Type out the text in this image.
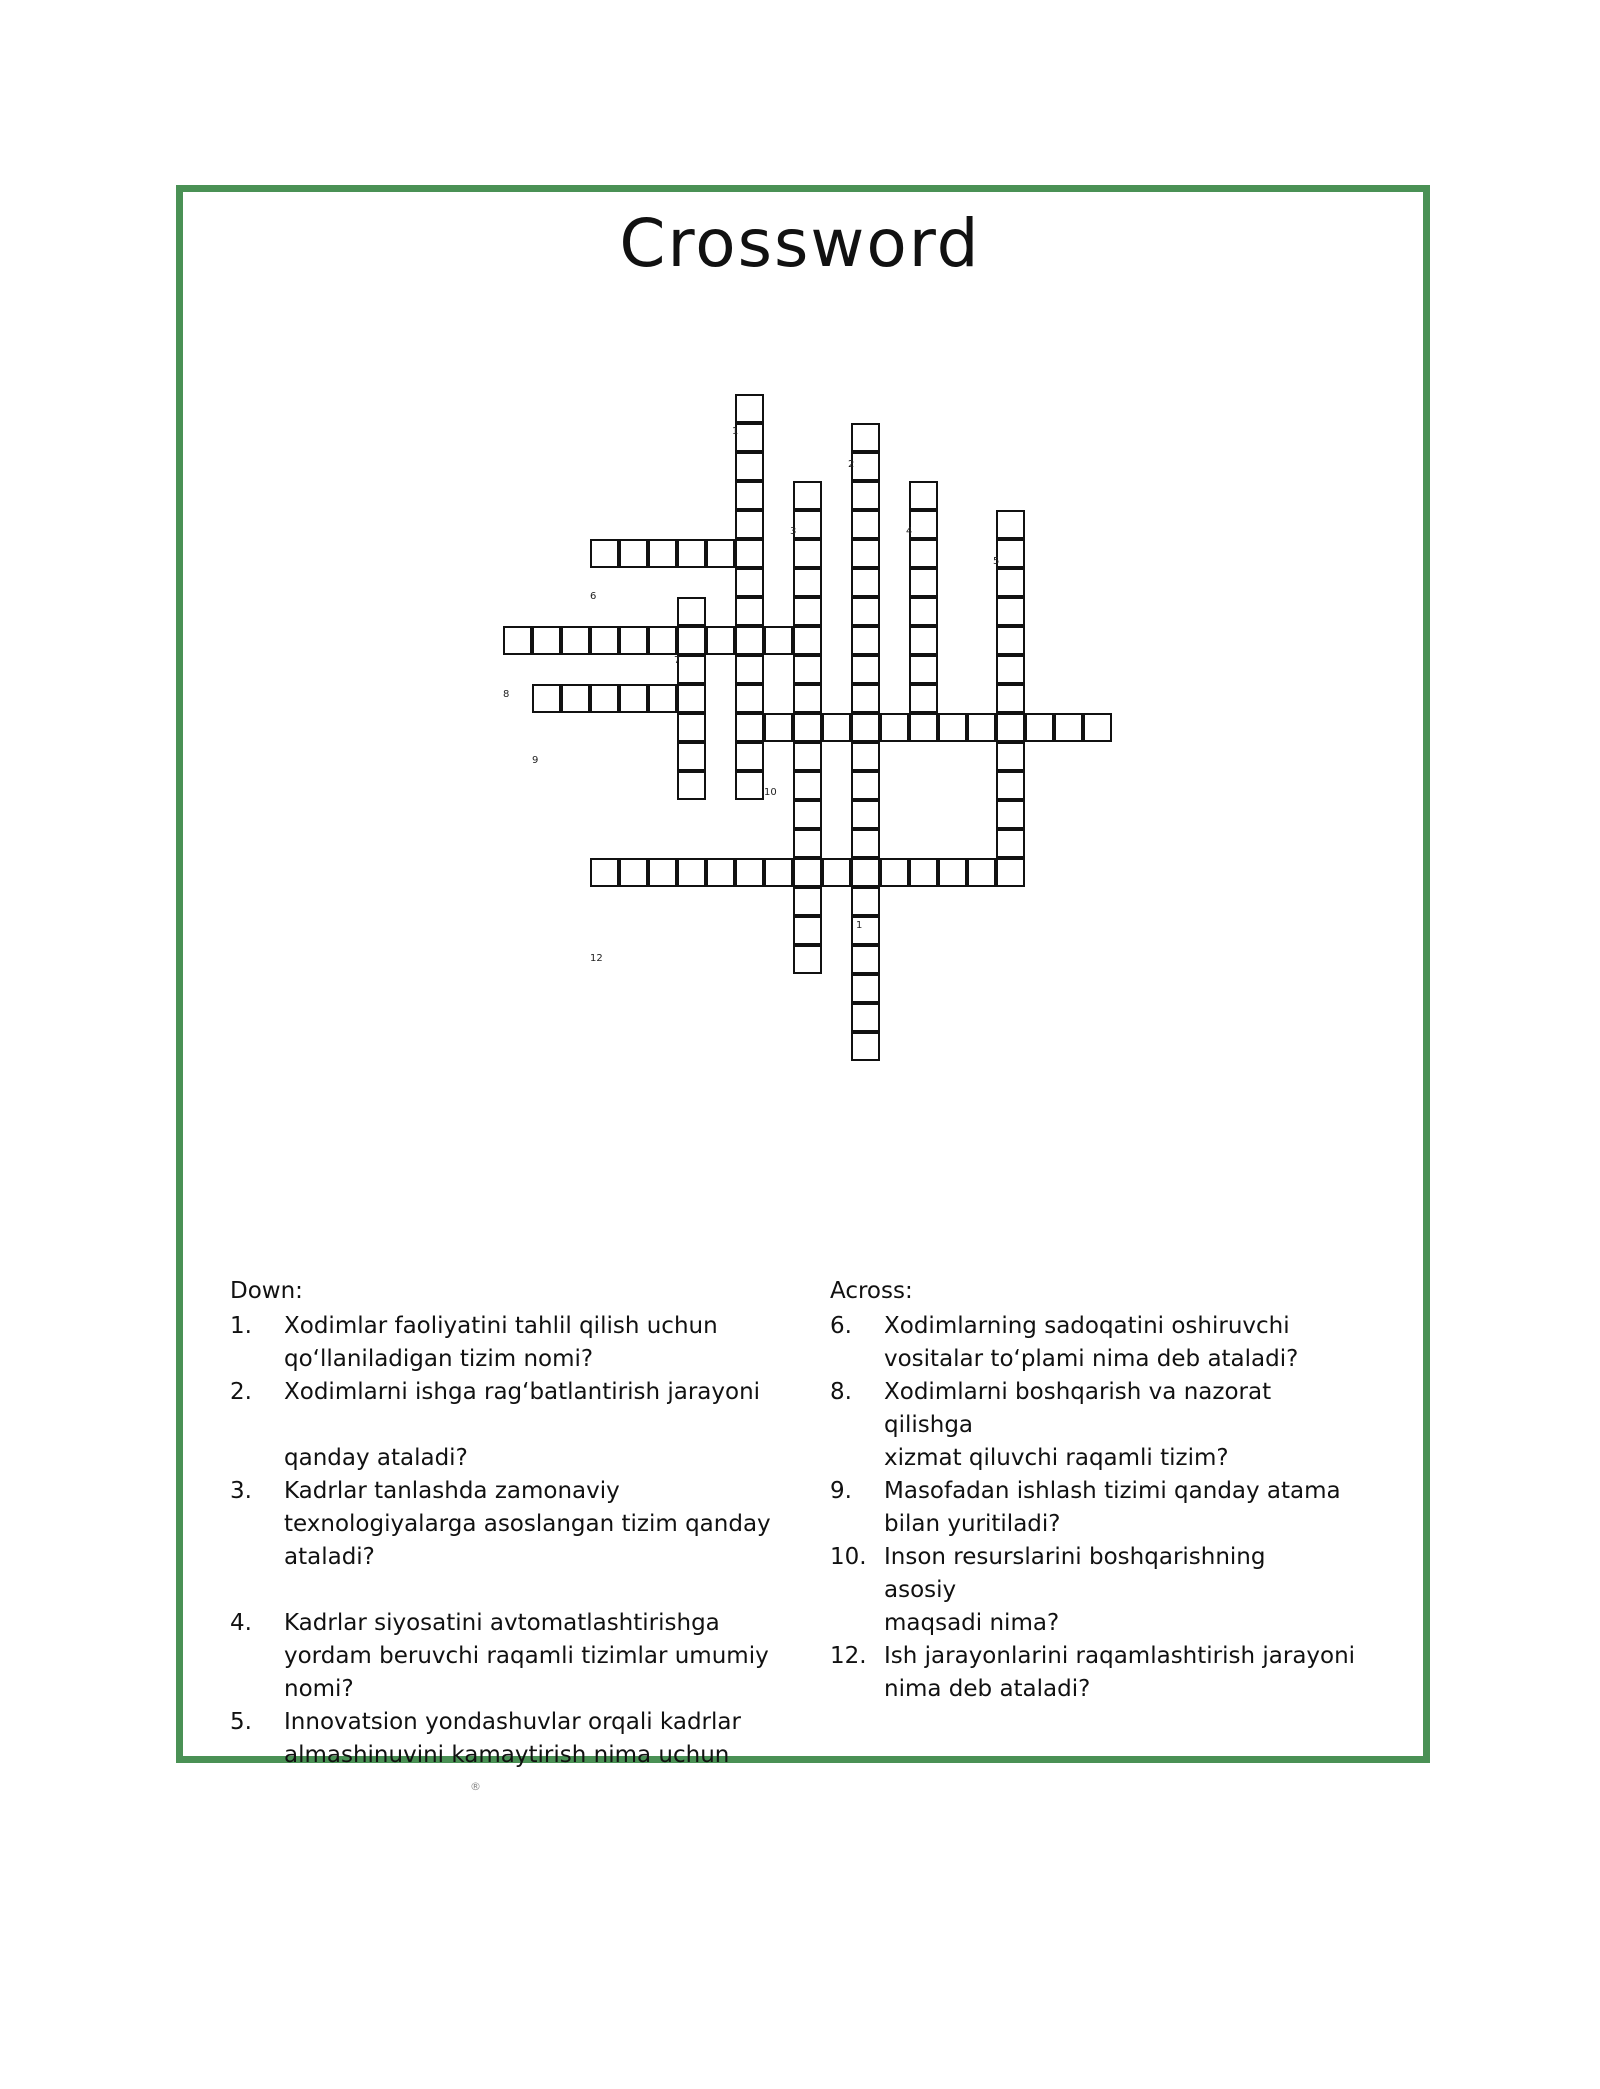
Crossword
1
2
3	4
5
6
7
8
9
10
1
12
Down:
1. Xodimlar faoliyatini tahlil qilish uchun
qo‘llaniladigan tizim nomi?
2. Xodimlarni ishga rag‘batlantirish jarayoni

qanday ataladi?
3. Kadrlar tanlashda zamonaviy
texnologiyalarga asoslangan tizim qanday
ataladi?

4. Kadrlar siyosatini avtomatlashtirishga
yordam beruvchi raqamli tizimlar umumiy
nomi?
5. Innovatsion yondashuvlar orqali kadrlar
almashinuvini kamaytirish nima uchun
Across:
6. Xodimlarning sadoqatini oshiruvchi
vositalar to‘plami nima deb ataladi?
8. Xodimlarni boshqarish va nazorat
qilishga
xizmat qiluvchi raqamli tizim?
9. Masofadan ishlash tizimi qanday atama
bilan yuritiladi?
10. Inson resurslarini boshqarishning
asosiy
maqsadi nima?
12. Ish jarayonlarini raqamlashtirish jarayoni
nima deb ataladi?
®
